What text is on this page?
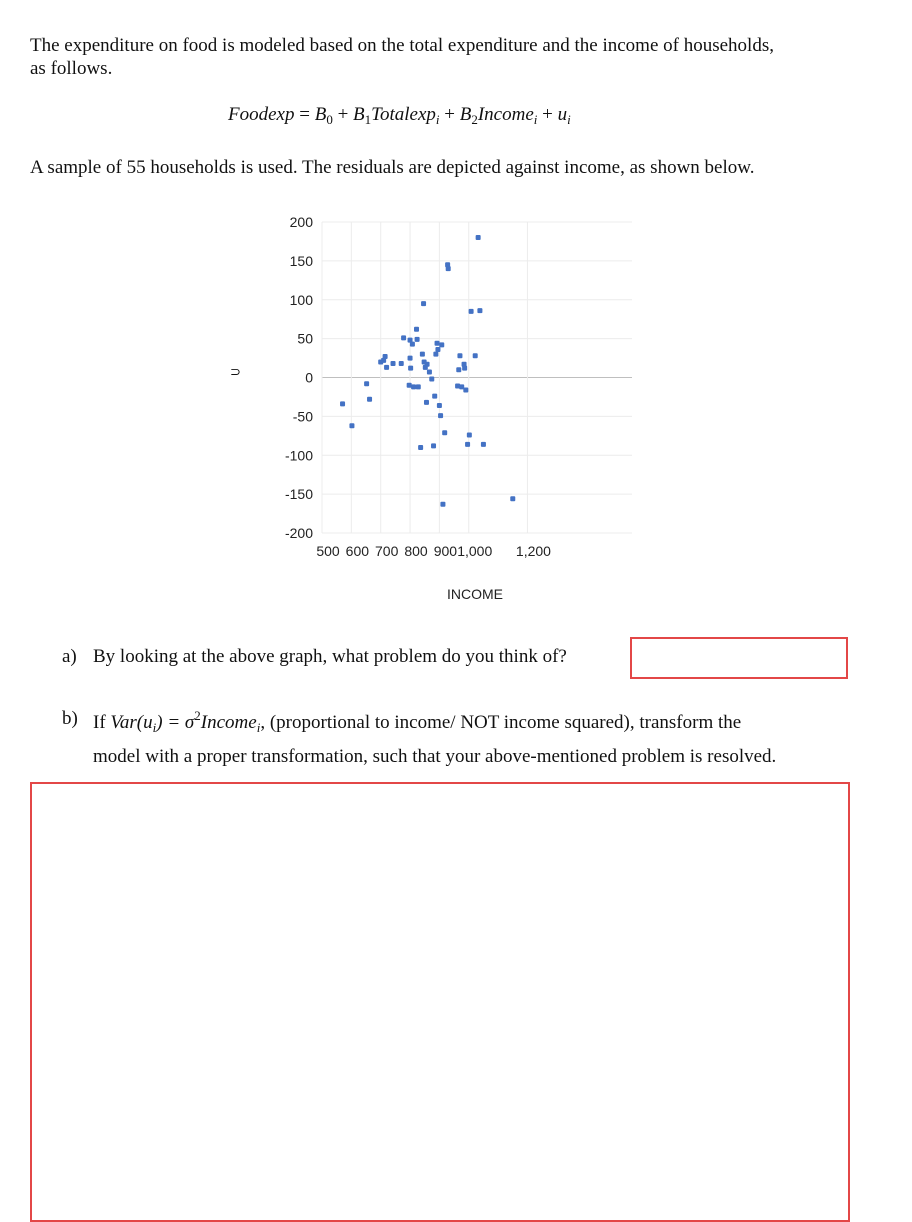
The expenditure on food is modeled based on the total expenditure and the income of households, as follows.
Foodexp = $B_0$ + $B_1Totalexp_i$ + $B_2Income_i + u_i$
A sample of 55 households is used. The residuals are depicted against income, as shown below.
⊃
200
150
100
50
0
-50
-100
-150
-200
500 600 700 800 900 1,000 1,200
INCOME
a) By looking at the above graph, what problem do you think of?
b) If $Var(u_i)$ = $\sigma^2Income_i$, (proportional to income/ NOT income squared), transform the
model with a proper transformation, such that your above-mentioned problem is resolved.
